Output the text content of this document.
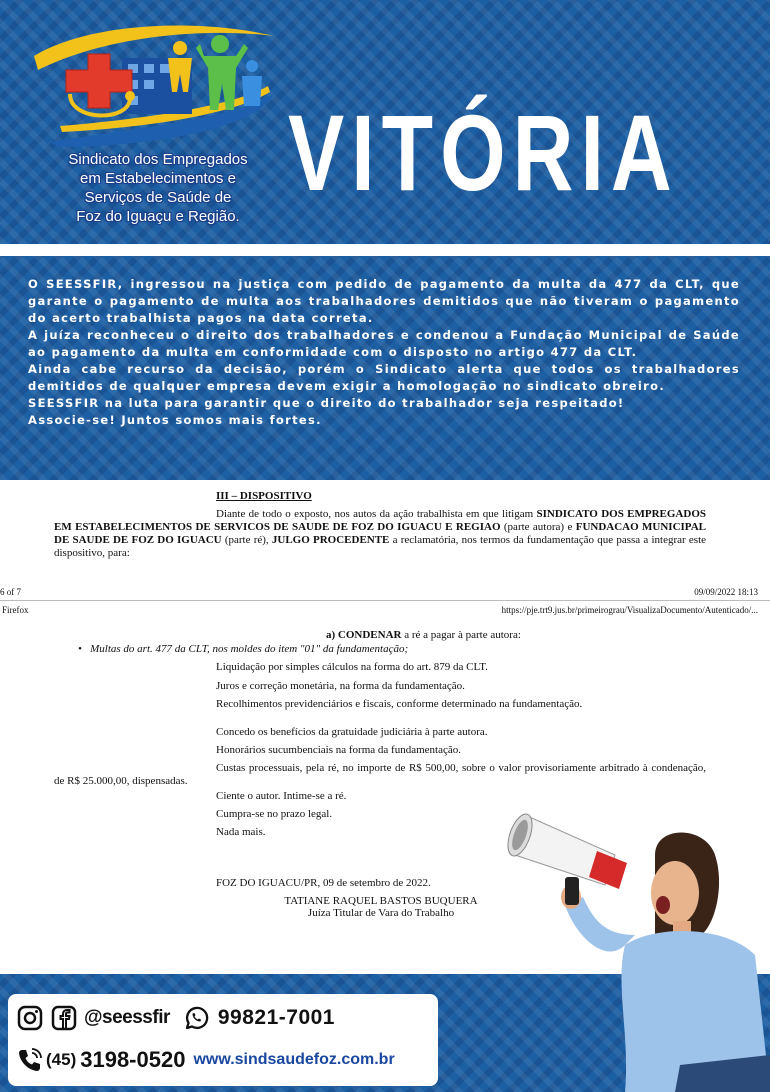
Sindicato dos Empregados
em Estabelecimentos e
Serviços de Saúde de
Foz do Iguaçu e Região.
VITÓRIA

O SEESSFIR, ingressou na justiça com pedido de pagamento da multa da 477 da CLT, que garante o pagamento de multa aos trabalhadores demitidos que não tiveram o pagamento do acerto trabalhista pagos na data correta.

A juíza reconheceu o direito dos trabalhadores e condenou a Fundação Municipal de Saúde ao pagamento da multa em conformidade com o disposto no artigo 477 da CLT.

Ainda cabe recurso da decisão, porém o Sindicato alerta que todos os trabalhadores demitidos de qualquer empresa devem exigir a homologação no sindicato obreiro.

SEESSFIR na luta para garantir que o direito do trabalhador seja respeitado!

Associe-se! Juntos somos mais fortes.

III – DISPOSITIVO
Diante de todo o exposto, nos autos da ação trabalhista em que litigam SINDICATO DOS EMPREGADOS EM ESTABELECIMENTOS DE SERVICOS DE SAUDE DE FOZ DO IGUACU E REGIAO (parte autora) e FUNDACAO MUNICIPAL DE SAUDE DE FOZ DO IGUACU (parte ré), JULGO PROCEDENTE a reclamatória, nos termos da fundamentação que passa a integrar este dispositivo, para:
6 of 7	09/09/2022 18:13
Firefox	https://pje.trt9.jus.br/primeirograu/VisualizaDocumento/Autenticado/...
a) CONDENAR a ré a pagar à parte autora:
•   Multas do art. 477 da CLT, nos moldes do item "01" da fundamentação;
Liquidação por simples cálculos na forma do art. 879 da CLT.
Juros e correção monetária, na forma da fundamentação.
Recolhimentos previdenciários e fiscais, conforme determinado na fundamentação.
Concedo os benefícios da gratuidade judiciária à parte autora.
Honorários sucumbenciais na forma da fundamentação.
Custas processuais, pela ré, no importe de R$ 500,00, sobre o valor provisoriamente arbitrado à condenação, de R$ 25.000,00, dispensadas.
Ciente o autor. Intime-se a ré.
Cumpra-se no prazo legal.
Nada mais.
FOZ DO IGUACU/PR, 09 de setembro de 2022.
TATIANE RAQUEL BASTOS BUQUERA
Juíza Titular de Vara do Trabalho
@seessfir 99821-7001
(45) 3198-0520 www.sindsaudefoz.com.br
